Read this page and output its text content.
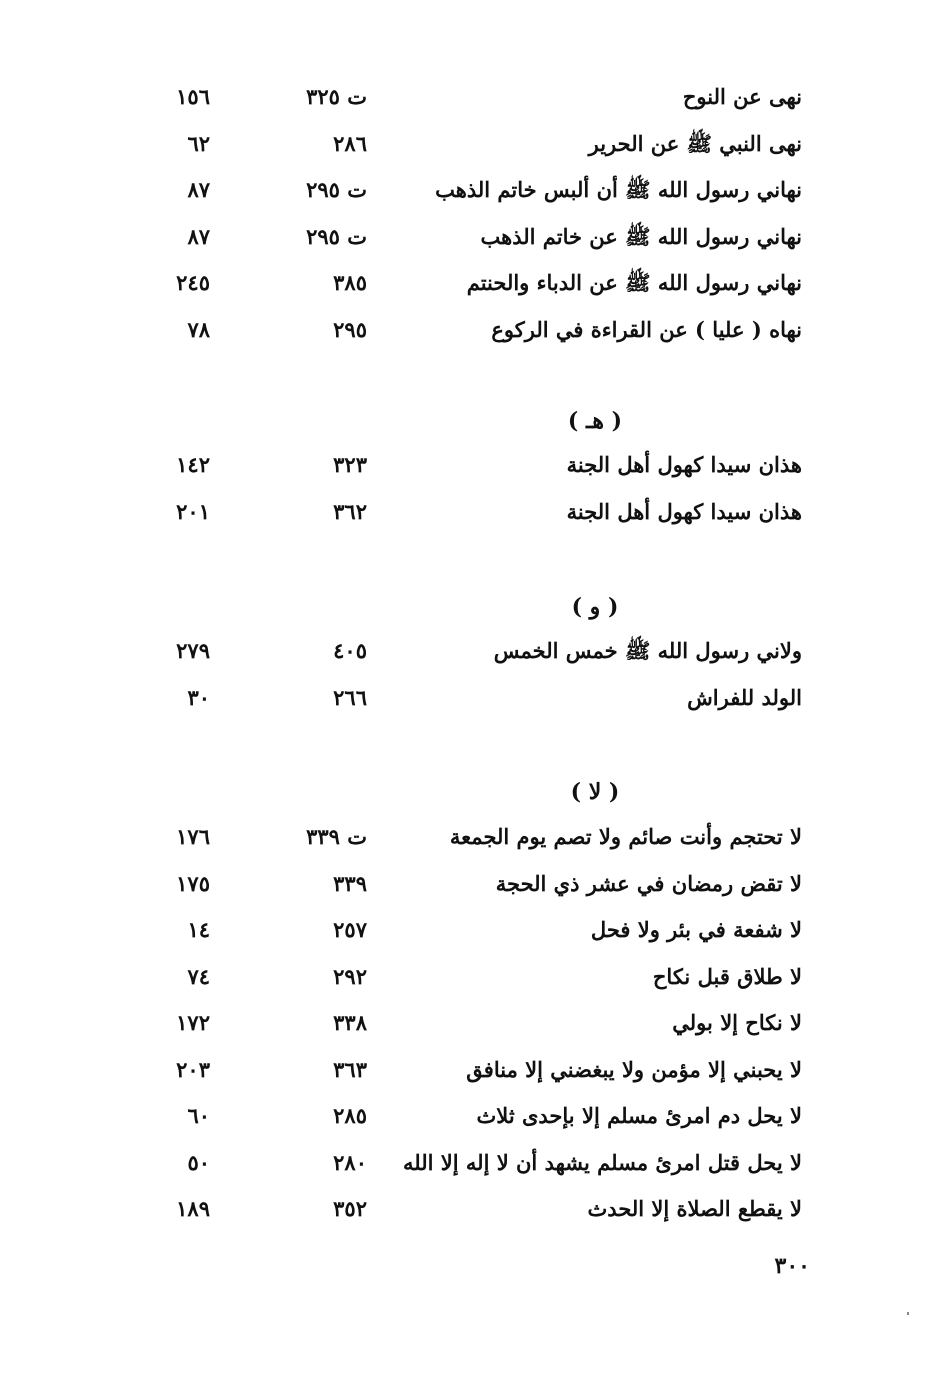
نهى عن النوح
ت ٣٢٥
١٥٦
نهى النبي ﷺ عن الحرير
٢٨٦
٦٢
نهاني رسول الله ﷺ أن ألبس خاتم الذهب
ت ٢٩٥
٨٧
نهاني رسول الله ﷺ عن خاتم الذهب
ت ٢٩٥
٨٧
نهاني رسول الله ﷺ عن الدباء والحنتم
٣٨٥
٢٤٥
نهاه ( عليا ) عن القراءة في الركوع
٢٩٥
٧٨
( هـ )
هذان سيدا كهول أهل الجنة
٣٢٣
١٤٢
هذان سيدا كهول أهل الجنة
٣٦٢
٢٠١
( و )
ولاني رسول الله ﷺ خمس الخمس
٤٠٥
٢٧٩
الولد للفراش
٢٦٦
٣٠
( لا )
لا تحتجم وأنت صائم ولا تصم يوم الجمعة
ت ٣٣٩
١٧٦
لا تقض رمضان في عشر ذي الحجة
٣٣٩
١٧٥
لا شفعة في بئر ولا فحل
٢٥٧
١٤
لا طلاق قبل نكاح
٢٩٢
٧٤
لا نكاح إلا بولي
٣٣٨
١٧٢
لا يحبني إلا مؤمن ولا يبغضني إلا منافق
٣٦٣
٢٠٣
لا يحل دم امرئ مسلم إلا بإحدى ثلاث
٢٨٥
٦٠
لا يحل قتل امرئ مسلم يشهد أن لا إله إلا الله
٢٨٠
٥٠
لا يقطع الصلاة إلا الحدث
٣٥٢
١٨٩
٣٠٠
